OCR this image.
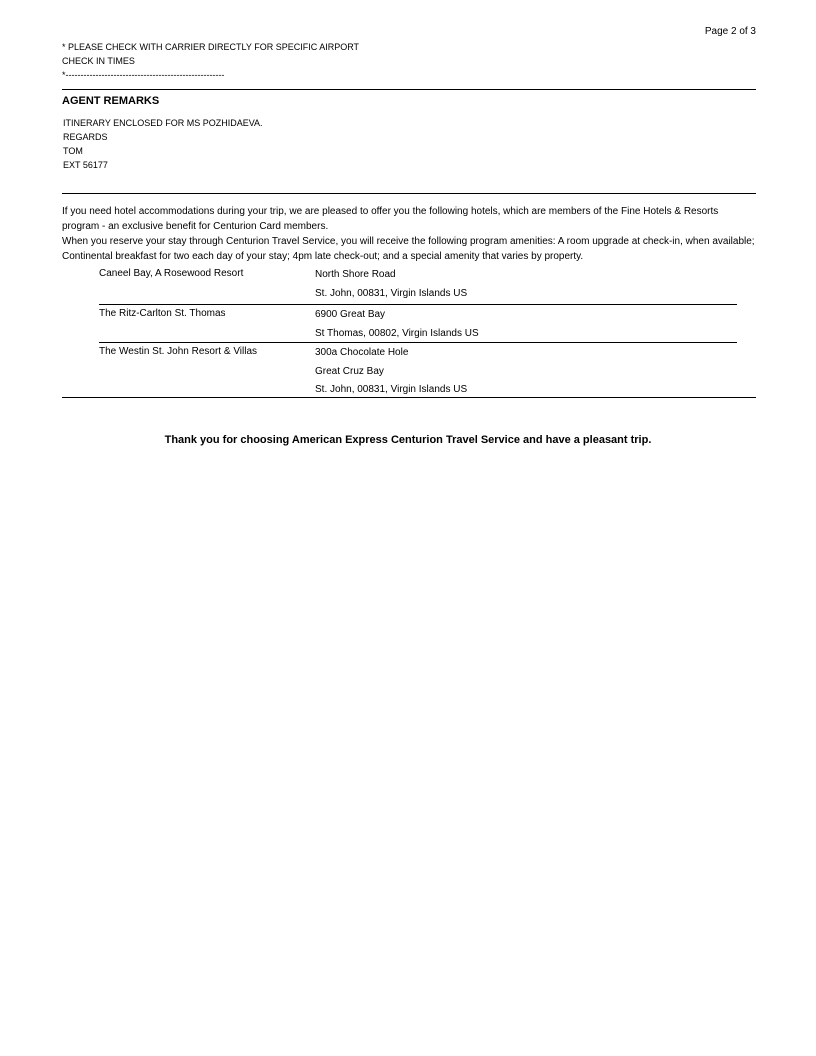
Page 2 of 3
* PLEASE CHECK WITH CARRIER DIRECTLY FOR SPECIFIC AIRPORT
CHECK IN TIMES
*-----------------------------------------------------
AGENT REMARKS
ITINERARY ENCLOSED FOR MS POZHIDAEVA.
REGARDS
TOM
EXT 56177
If you need hotel accommodations during your trip, we are pleased to offer you the following hotels, which are members of the Fine Hotels & Resorts program - an exclusive benefit for Centurion Card members.
When you reserve your stay through Centurion Travel Service, you will receive the following program amenities: A room upgrade at check-in, when available; Continental breakfast for two each day of your stay; 4pm late check-out; and a special amenity that varies by property.
Caneel Bay, A Rosewood Resort	North Shore Road
St. John, 00831, Virgin Islands US
The Ritz-Carlton St. Thomas	6900 Great Bay
St Thomas, 00802, Virgin Islands US
The Westin St. John Resort & Villas	300a Chocolate Hole
Great Cruz Bay
St. John, 00831, Virgin Islands US
Thank you for choosing American Express Centurion Travel Service and have a pleasant trip.
